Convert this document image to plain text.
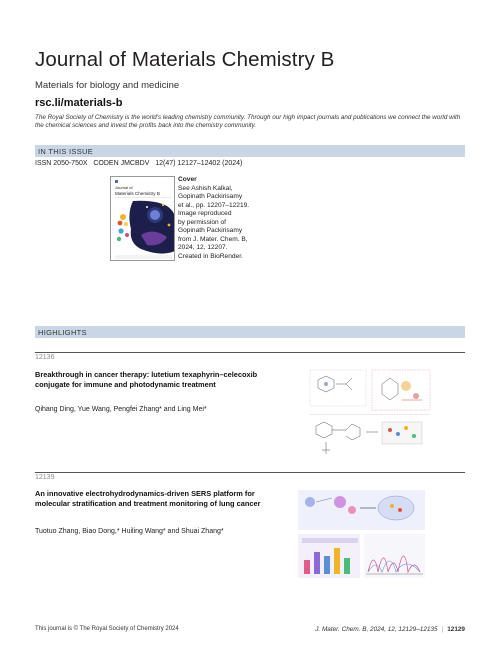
Journal of Materials Chemistry B
Materials for biology and medicine
rsc.li/materials-b
The Royal Society of Chemistry is the world's leading chemistry community. Through our high impact journals and publications we connect the world with the chemical sciences and invest the profits back into the chemistry community.
IN THIS ISSUE
ISSN 2050-750X   CODEN JMCBDV   12(47) 12127–12402 (2024)
Journal of
Materials Chemistry B
Cover
See Ashish Kalkal,
Gopinath Packirisamy
et al., pp. 12207–12219.
Image reproduced
by permission of
Gopinath Packirisamy
from J. Mater. Chem. B,
2024, 12, 12207.
Created in BioRender.
HIGHLIGHTS
12136
Breakthrough in cancer therapy: lutetium texaphyrin–celecoxib conjugate for immune and photodynamic treatment
Qihang Ding, Yue Wang, Pengfei Zhang* and Ling Mei*
12139
An innovative electrohydrodynamics-driven SERS platform for molecular stratification and treatment monitoring of lung cancer
Tuotuo Zhang, Biao Dong,* Huiling Wang* and Shuai Zhang*
This journal is © The Royal Society of Chemistry 2024	J. Mater. Chem. B, 2024, 12, 12129–12135 | 12129
